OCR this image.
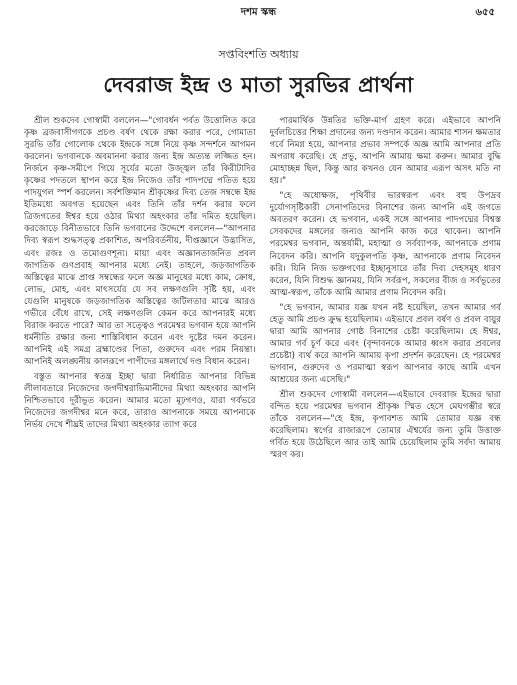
দশম স্কন্ধ	৬৫৫
সপ্তবিংশতি অধ্যায়
দেবরাজ ইন্দ্র ও মাতা সুরভির প্রার্থনা

শ্রীল শুকদেব গোস্বামী বললেন—"গোবর্ধন পর্বত উত্তোলিত করে কৃষ্ণ ব্রজবাসীগণকে প্রচণ্ড বর্ষণ থেকে রক্ষা করার পরে, গোমাতা সুরভি তাঁর গোলোক থেকে ইন্দ্রকে সঙ্গে নিয়ে কৃষ্ণ সন্দর্শনে আগমন করলেন। ভগবানকে অবমাননা করার জন্য ইন্দ্র অত্যন্ত লজ্জিত হন। নির্জনে কৃষ্ণ-সমীপে গিয়ে সূর্যের মতো উজ্জ্বল তাঁর কিরীটাদির কৃষ্ণের পদতলে স্থাপন করে ইন্দ্র নিজেও তাঁর পাদপদ্মে পতিত হয়ে পাদযুগল স্পর্শ করলেন। সর্বশক্তিমান শ্রীকৃষ্ণের দিব্য তেজ সম্বন্ধে ইন্দ্র ইতিমধ্যে অবগত হয়েছেন এবং তিনি তাঁর দর্শন করার ফলে ত্রিজগতের ঈশ্বর হয়ে ওঠার মিথ্যা অহংকার তাঁর দমিত হয়েছিল। করজোড়ে বিনীতভাবে তিনি ভগবানের উদ্দেশে বললেন—"আপনার দিব্য স্বরূপ শুদ্ধসত্ত্ব প্রকাশিত, অপরিবর্তনীয়, দীপ্তজ্ঞানে উদ্ভাসিত, এবং রজঃ ও তমোগুণশূন্য। মায়া এবং অজ্ঞানতাজনিত প্রবল জাগতিক গুণপ্রবাহ আপনার মধ্যে নেই। তাহলে, জড়জাগতিক অস্তিত্বের মাঝে প্রাপ্ত সম্বন্ধের ফলে অজ্ঞ মানুষের মধ্যে কাম, ক্রোধ, লোভ, মোহ, এবং মাৎসর্যের যে সব লক্ষণগুলি সৃষ্টি হয়, এবং যেগুলি মানুষকে জড়জাগতিক অস্তিত্বের জটিলতার মাঝে আরও গভীরে বেঁধে রাখে, সেই লক্ষণগুলি কেমন করে আপনারই মধ্যে বিরাজ করতে পারে? আর তা সত্ত্বেও পরমেশ্বর ভগবান হয়ে আপনি ধর্মনীতি রক্ষার জন্য শাস্তিবিধান করেন এবং দুষ্টের দমন করেন। আপনিই এই সমগ্র ব্রহ্মাণ্ডের পিতা, গুরুদেব এবং পরম নিয়ন্তা। আপনিই অলঙ্ঘনীয় কালরূপে পাপীদের মঙ্গলার্থে দণ্ড বিধান করেন।

বস্তুত আপনার স্বতন্ত্র ইচ্ছা দ্বারা নির্ধারিত আপনার বিভিন্ন লীলাবতারে নিজেদের জগদীশ্বরাভিমানীদের মিথ্যা অহংকার আপনি নিশ্চিতভাবে দূরীভূত করেন। আমার মতো মূঢ়গণও, যারা গর্বভরে নিজেদের জগদীশ্বর মনে করে, তারাও আপনাকে সময়ে আপনাকে নির্ভয় দেখে শীঘ্রই তাদের মিথ্যা অহংকার ত্যাগ করে

পারমার্থিক উন্নতির ভক্তি-মার্গ গ্রহণ করে। এইভাবে আপনি দুর্বলচিত্তের শিক্ষা প্রদানের জন্য দণ্ডদান করেন। আমার শাসন ক্ষমতার গর্বে নিমগ্ন হয়ে, আপনার প্রভাব সম্পর্কে অজ্ঞ আমি আপনার প্রতি অপরাধ করেছি। হে প্রভু, আপনি আমায় ক্ষমা করুন। আমার বুদ্ধি মোহাচ্ছন্ন ছিল, কিন্তু আর কখনও যেন আমার এরূপ অসৎ মতি না হয়।"

"হে অধোক্ষজ, পৃথিবীর ভারস্বরূপ এবং বহু উপদ্রব দুর্যোগসৃষ্টিকারী সেনাপতিদের বিনাশের জন্য আপনি এই জগতে অবতরণ করেন। হে ভগবান, একই সঙ্গে আপনার পাদপদ্মের বিশ্বস্ত সেবকদের মঙ্গলের জন্যও আপনি কাজ করে থাকেন। আপনি পরমেশ্বর ভগবান, অন্তর্যামী, মহাত্মা ও সর্বব্যাপক, আপনাকে প্রণাম নিবেদন করি। আপনি যদুকুলপতি কৃষ্ণ, আপনাকে প্রণাম নিবেদন করি। যিনি নিজ ভক্তগণের ইচ্ছানুসারে তাঁর দিব্য দেহসমূহ ধারণ করেন, যিনি বিশুদ্ধ জ্ঞানময়, যিনি সর্বরূপ, সকলের বীজ ও সর্বভূতের আত্ম-স্বরূপ, তাঁকে আমি আমার প্রণাম নিবেদন করি।

"হে ভগবান, আমার যজ্ঞ যখন নষ্ট হয়েছিল, তখন আমার গর্ব হেতু আমি প্রচণ্ড ক্রুদ্ধ হয়েছিলাম। এইভাবে প্রবল বর্ষণ ও প্রবল বায়ুর দ্বারা আমি আপনার গোষ্ঠ বিনাশের চেষ্টা করেছিলাম। হে ঈশ্বর, আমার গর্ব চূর্ণ করে এবং (বৃন্দাবনকে আমার ধ্বংস করার প্রবলের প্রচেষ্টা) ব্যর্থ করে আপনি আমায় কৃপা প্রদর্শন করেছেন। হে পরমেশ্বর ভগবান, গুরুদেব ও পরমাত্মা স্বরূপ আপনার কাছে আমি এখন আশ্রয়ের জন্য এসেছি।"

শ্রীল শুকদেব গোস্বামী বললেন—এইভাবে দেবরাজ ইন্দ্রের দ্বারা বন্দিত হয়ে পরমেশ্বর ভগবান শ্রীকৃষ্ণ স্মিত হেসে মেঘগম্ভীর স্বরে তাঁকে বললেন—"হে ইন্দ্র, কৃপাবশত আমি তোমার যজ্ঞ বন্ধ করেছিলাম। স্বর্গের রাজারূপে তোমার ঐশ্বর্যের জন্য তুমি উত্তাক্ত গর্বিত হয়ে উঠেছিলে আর তাই আমি চেয়েছিলাম তুমি সর্বদা আমায় স্মরণ কর।
